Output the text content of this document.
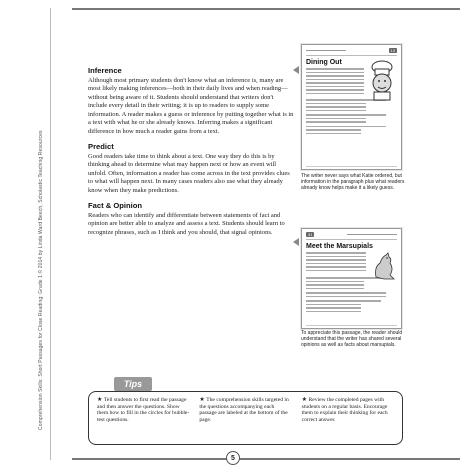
Comprehension Skills: Short Passages for Close Reading: Grade 1 © 2014 by Linda Ward Beech, Scholastic Teaching Resources
Inference
Although most primary students don't know what an inference is, many are most likely making inferences—both in their daily lives and when reading—without being aware of it. Students should understand that writers don't include every detail in their writing; it is up to readers to supply some information. A reader makes a guess or inference by putting together what is in a text with what he or she already knows. Inferring makes a significant difference in how much a reader gains from a text.
Predict
Good readers take time to think about a text. One way they do this is by thinking ahead to determine what may happen next or how an event will unfold. Often, information a reader has come across in the text provides clues to what will happen next. In many cases readers also use what they already know when they make predictions.
Fact & Opinion
Readers who can identify and differentiate between statements of fact and opinion are better able to analyze and assess a text. Students should learn to recognize phrases, such as I think and you should, that signal opinions.
13
Dining Out
The writer never says what Katie ordered, but information in the paragraph plus what readers already know helps make it a likely guess.
31
Meet the Marsupials
To appreciate this passage, the reader should understand that the writer has shared several opinions as well as facts about marsupials.
Tips
★ Tell students to first read the passage and then answer the questions. Show them how to fill in the circles for bubble-test questions.
★ The comprehension skills targeted in the questions accompanying each passage are labeled at the bottom of the page.
★ Review the completed pages with students on a regular basis. Encourage them to explain their thinking for each correct answer.
5
